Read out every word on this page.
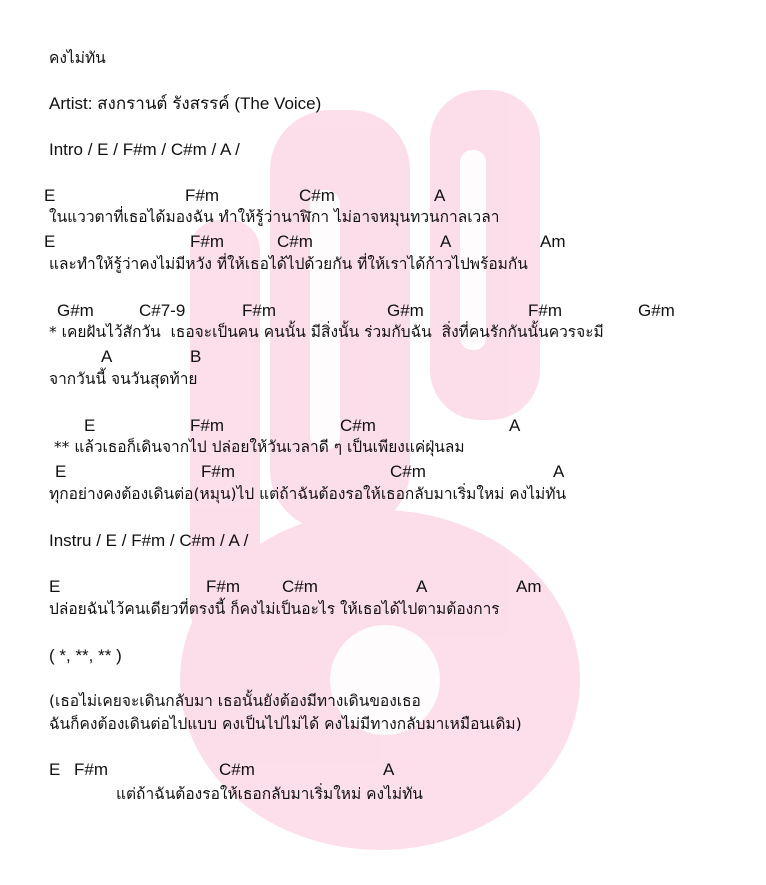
คงไม่ทัน
Artist: สงกรานต์ รังสรรค์ (The Voice)
Intro / E / F#m / C#m / A /
E	F#m	C#m	A
ในแววตาที่เธอได้มองฉัน ทำให้รู้ว่านาฬิกา ไม่อาจหมุนทวนกาลเวลา
E	F#m	C#m	A	Am
และทำให้รู้ว่าคงไม่มีหวัง ที่ให้เธอได้ไปด้วยกัน ที่ให้เราได้ก้าวไปพร้อมกัน
G#m	C#7-9	F#m	G#m	F#m	G#m
* เคยฝันไว้สักวัน  เธอจะเป็นคน คนนั้น มีสิ่งนั้น ร่วมกับฉัน  สิ่งที่คนรักกันนั้นควรจะมี
A	B
จากวันนี้ จนวันสุดท้าย
E	F#m	C#m	A
** แล้วเธอก็เดินจากไป ปล่อยให้วันเวลาดี ๆ เป็นเพียงแค่ฝุ่นลม
E	F#m	C#m	A
ทุกอย่างคงต้องเดินต่อ(หมุน)ไป แต่ถ้าฉันต้องรอให้เธอกลับมาเริ่มใหม่ คงไม่ทัน
Instru / E / F#m / C#m / A /
E	F#m C#m	A	Am
ปล่อยฉันไว้คนเดียวที่ตรงนี้ ก็คงไม่เป็นอะไร ให้เธอได้ไปตามต้องการ
( *, **, ** )
(เธอไม่เคยจะเดินกลับมา เธอนั้นยังต้องมีทางเดินของเธอ
ฉันก็คงต้องเดินต่อไปแบบ คงเป็นไปไม่ได้ คงไม่มีทางกลับมาเหมือนเดิม)
E F#m	C#m	A
แต่ถ้าฉันต้องรอให้เธอกลับมาเริ่มใหม่ คงไม่ทัน
